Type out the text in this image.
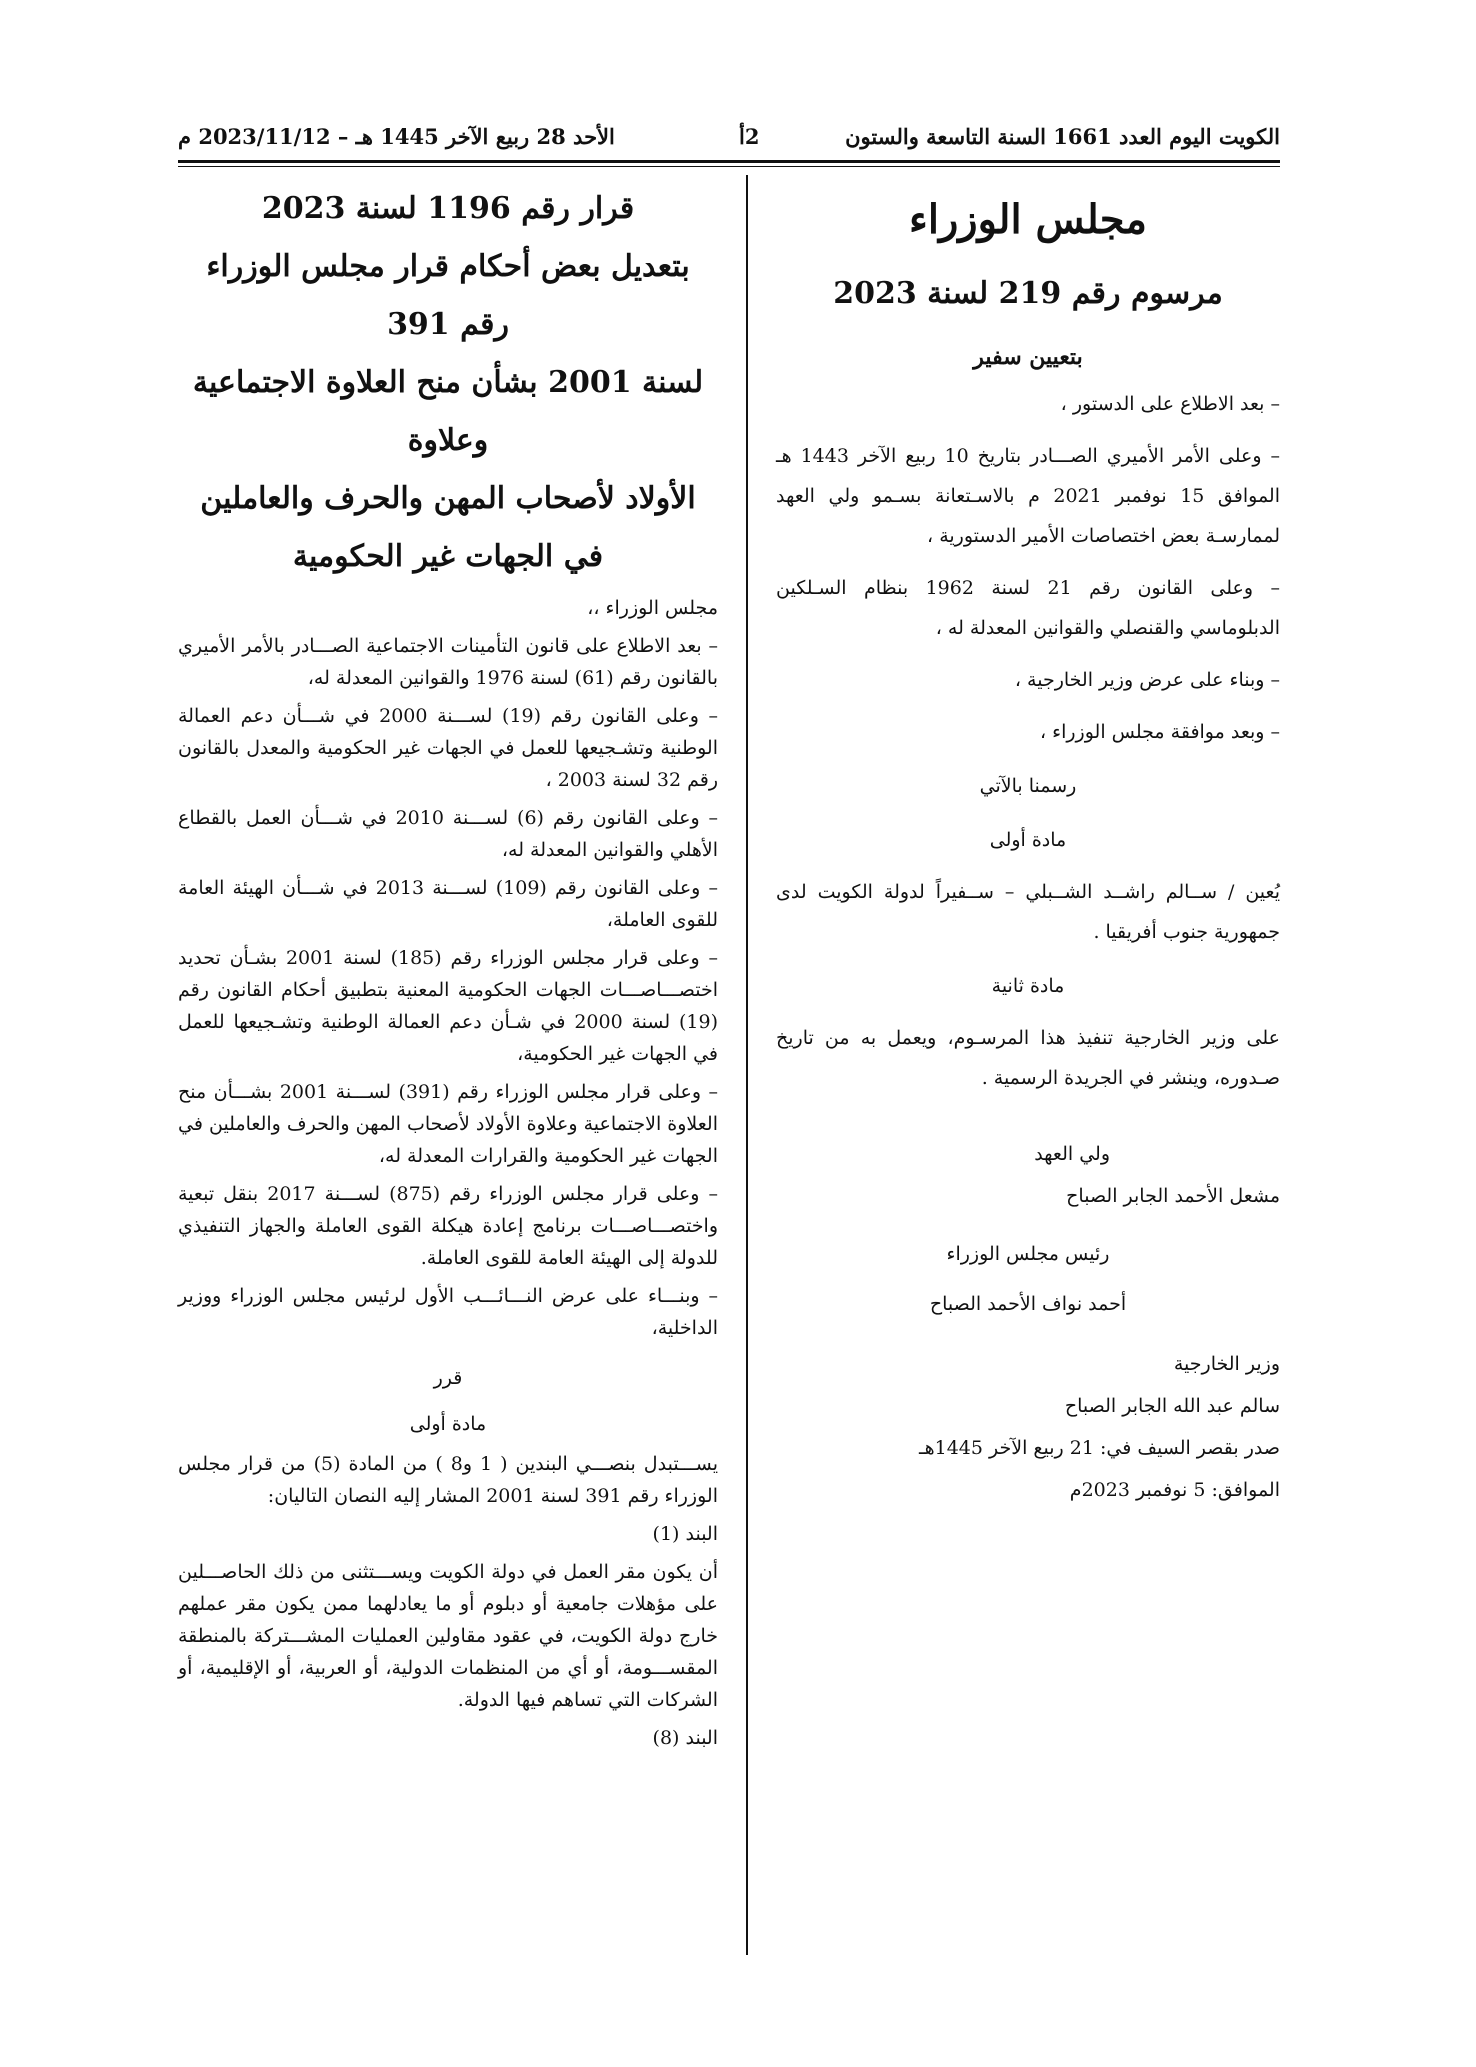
الكويت اليوم العدد 1661 السنة التاسعة والستون
2أ
الأحد 28 ربيع الآخر 1445 هـ – 2023/11/12 م

مجلس الوزراء

مرسوم رقم 219 لسنة 2023

بتعيين سفير

– بعد الاطلاع على الدستور ،

– وعلى الأمر الأميري الصـــادر بتاريخ 10 ربيع الآخر 1443 هـ الموافق 15 نوفمبر 2021 م بالاسـتعانة بسـمو ولي العهد لممارسـة بعض اختصاصات الأمير الدستورية ،

– وعلى القانون رقم 21 لسنة 1962 بنظام السـلكين الدبلوماسي والقنصلي والقوانين المعدلة له ،

– وبناء على عرض وزير الخارجية ،

– وبعد موافقة مجلس الوزراء ،

رسمنا بالآتي

مادة أولى

يُعين / ســالم راشــد الشــبلي – ســفيراً لدولة الكويت لدى جمهورية جنوب أفريقيا .

مادة ثانية

على وزير الخارجية تنفيذ هذا المرسـوم، ويعمل به من تاريخ صـدوره، وينشر في الجريدة الرسمية .

ولي العهد

مشعل الأحمد الجابر الصباح

رئيس مجلس الوزراء

أحمد نواف الأحمد الصباح

وزير الخارجية

سالم عبد الله الجابر الصباح

صدر بقصر السيف في: 21 ربيع الآخر 1445هـ

الموافق: 5 نوفمبر 2023م

قرار رقم 1196 لسنة 2023

بتعديل بعض أحكام قرار مجلس الوزراء رقم 391

لسنة 2001 بشأن منح العلاوة الاجتماعية وعلاوة

الأولاد لأصحاب المهن والحرف والعاملين

في الجهات غير الحكومية

مجلس الوزراء ،،

– بعد الاطلاع على قانون التأمينات الاجتماعية الصـــادر بالأمر الأميري بالقانون رقم (61) لسنة 1976 والقوانين المعدلة له،

– وعلى القانون رقم (19) لســـنة 2000 في شـــأن دعم العمالة الوطنية وتشـجيعها للعمل في الجهات غير الحكومية والمعدل بالقانون رقم 32 لسنة 2003 ،

– وعلى القانون رقم (6) لســـنة 2010 في شـــأن العمل بالقطاع الأهلي والقوانين المعدلة له،

– وعلى القانون رقم (109) لســـنة 2013 في شـــأن الهيئة العامة للقوى العاملة،

– وعلى قرار مجلس الوزراء رقم (185) لسنة 2001 بشـأن تحديد اختصـــاصـــات الجهات الحكومية المعنية بتطبيق أحكام القانون رقم (19) لسنة 2000 في شـأن دعم العمالة الوطنية وتشـجيعها للعمل في الجهات غير الحكومية،

– وعلى قرار مجلس الوزراء رقم (391) لســـنة 2001 بشـــأن منح العلاوة الاجتماعية وعلاوة الأولاد لأصحاب المهن والحرف والعاملين في الجهات غير الحكومية والقرارات المعدلة له،

– وعلى قرار مجلس الوزراء رقم (875) لســـنة 2017 بنقل تبعية واختصـــاصـــات برنامج إعادة هيكلة القوى العاملة والجهاز التنفيذي للدولة إلى الهيئة العامة للقوى العاملة.

– وبنـــاء على عرض النـــائـــب الأول لرئيس مجلس الوزراء ووزير الداخلية،

قرر

مادة أولى

يســـتبدل بنصـــي البندين ( 1 و8 ) من المادة (5) من قرار مجلس الوزراء رقم 391 لسنة 2001 المشار إليه النصان التاليان:

البند (1)

أن يكون مقر العمل في دولة الكويت ويســـتثنى من ذلك الحاصـــلين على مؤهلات جامعية أو دبلوم أو ما يعادلهما ممن يكون مقر عملهم خارج دولة الكويت، في عقود مقاولين العمليات المشـــتركة بالمنطقة المقســـومة، أو أي من المنظمات الدولية، أو العربية، أو الإقليمية، أو الشركات التي تساهم فيها الدولة.

البند (8)
